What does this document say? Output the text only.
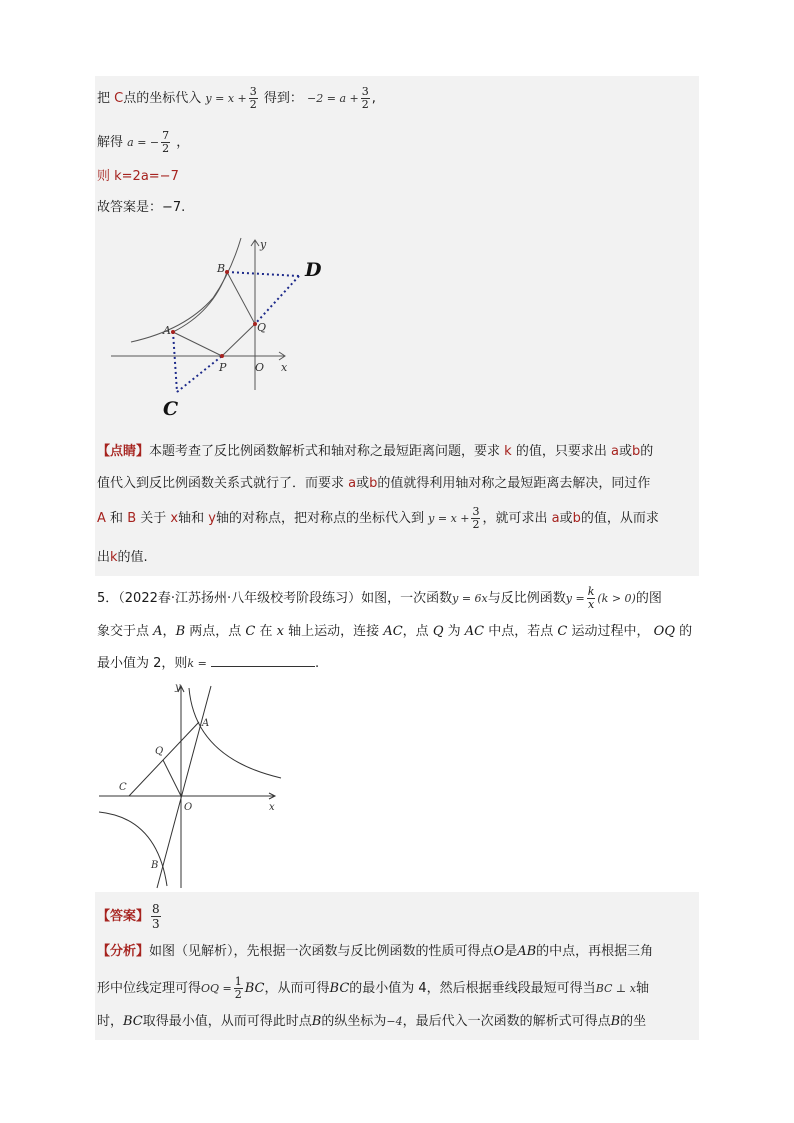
把 C点的坐标代入 $y = x + \frac{3}{2}$ 得到： $-2 = a + \frac{3}{2}$ ,
解得 a = − $\frac{7}{2}$ ，
则 k=2a=−7
故答案是：−7.
B	D
A	Q
P	O x
y
C
【点睛】本题考查了反比例函数解析式和轴对称之最短距离问题，要求 k 的值，只要求出 a或b的
值代入到反比例函数关系式就行了．而要求 a或b的值就得利用轴对称之最短距离去解决，同过作
A 和 B 关于 x轴和 y轴的对称点，把对称点的坐标代入到 $y = x + \frac{3}{2}$ ，就可求出 a或b的值，从而求
出k的值.
5．（2022春·江苏扬州·八年级校考阶段练习）如图，一次函数y = 6x与反比例函数$y = \frac{k}{x} (k > 0)$的图
象交于点 A，B 两点，点 C 在 x 轴上运动，连接 AC，点 Q 为 AC 中点，若点 C 运动过程中， OQ 的
最小值为 2，则k =	.
y
A
Q
C
O	x
B
【答案】 $\frac{8}{3}$
【分析】如图（见解析），先根据一次函数与反比例函数的性质可得点O是AB的中点，再根据三角
形中位线定理可得OQ = $\frac{1}{2}$ BC，从而可得BC的最小值为 4，然后根据垂线段最短可得当BC ⊥ x轴
时，BC取得最小值，从而可得此时点B的纵坐标为−4，最后代入一次函数的解析式可得点B的坐
